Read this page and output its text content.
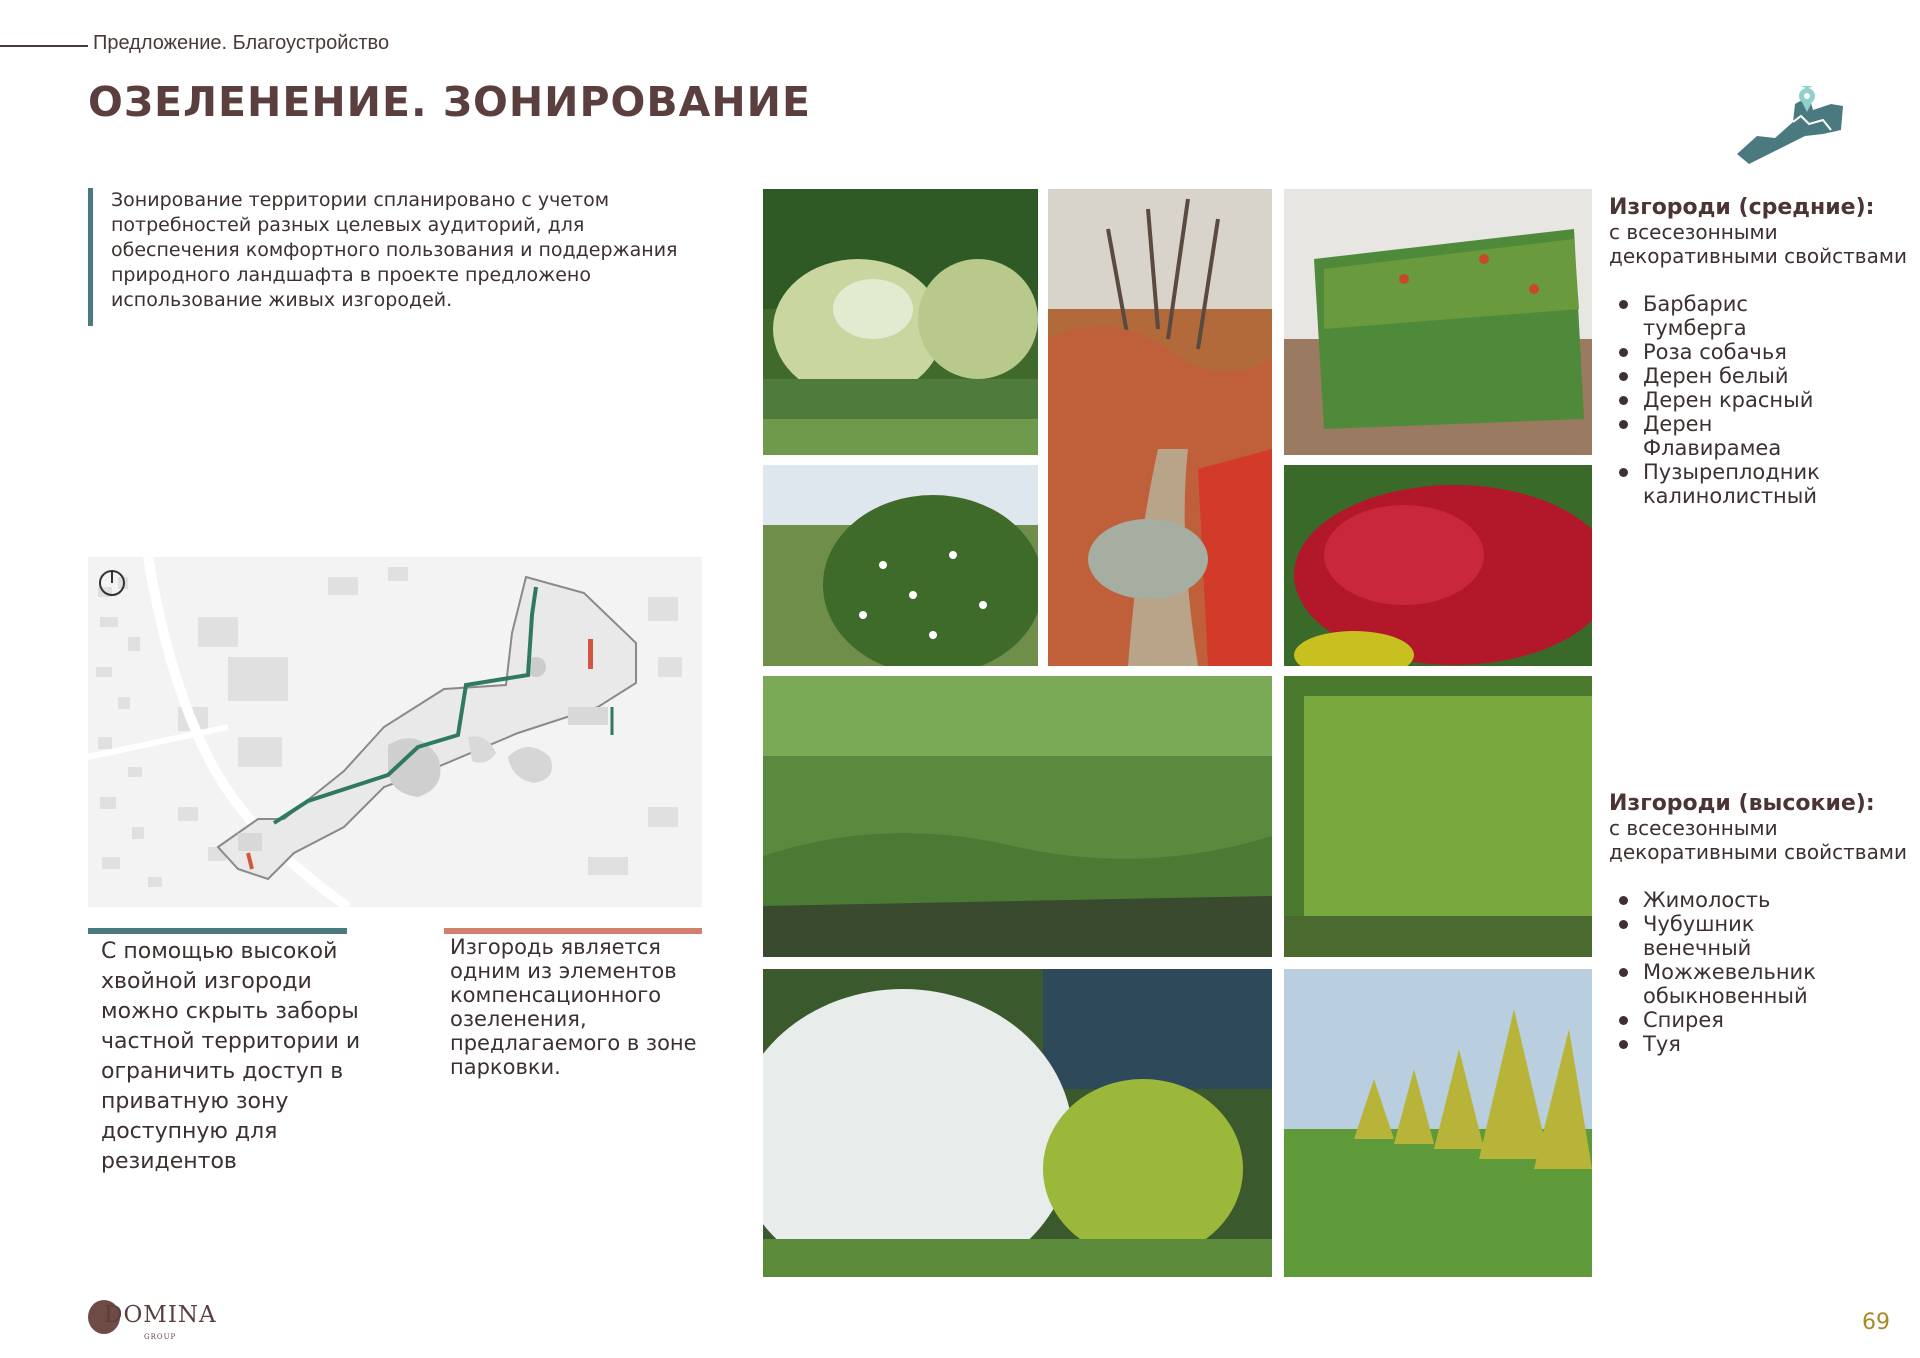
Предложение. Благоустройство
ОЗЕЛЕНЕНИЕ. ЗОНИРОВАНИЕ
Зонирование территории спланировано с учетом потребностей разных целевых аудиторий, для обеспечения комфортного пользования и поддержания природного ландшафта в проекте предложено использование живых изгородей.
С помощью высокой хвойной изгороди можно скрыть заборы частной территории и ограничить доступ в приватную зону доступную для резидентов
Изгородь является одним из элементов компенсационного озеленения, предлагаемого в зоне парковки.
Изгороди (средние):
с всесезонными декоративными свойствами
Барбарис тумберга
Роза собачья
Дерен белый
Дерен красный
Дерен Флавирамеа
Пузыреплодник калинолистный
Изгороди (высокие):
с всесезонными декоративными свойствами
Жимолость
Чубушник венечный
Можжевельник обыкновенный
Спирея
Туя
DOMINA
GROUP
69
